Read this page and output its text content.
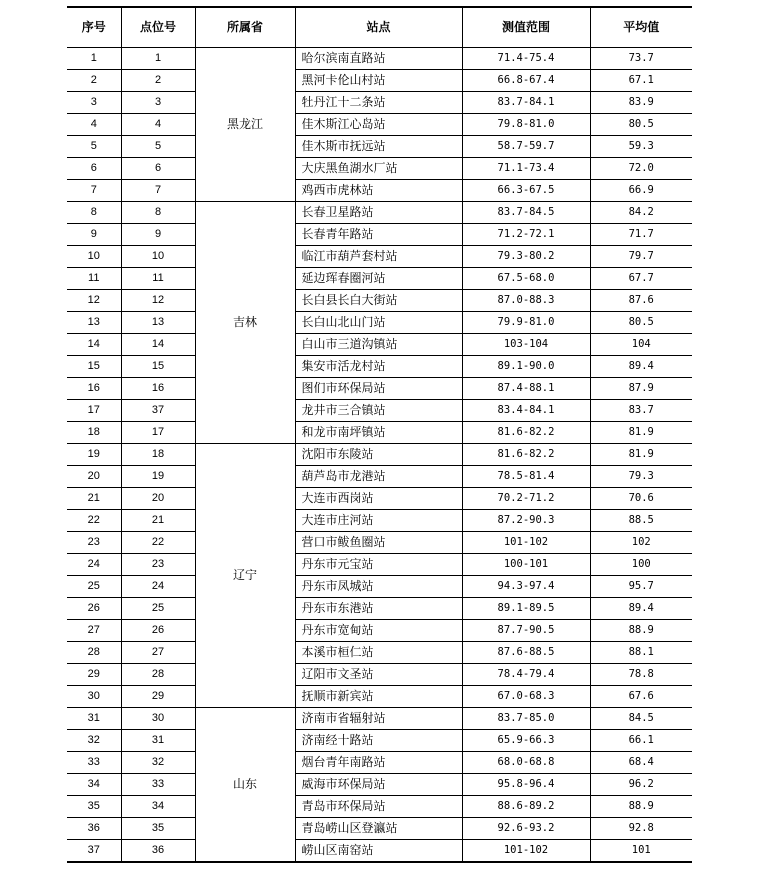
序号	点位号	所属省	站点	测值范围	平均值
1	1	黑龙江	哈尔滨南直路站	71.4-75.4	73.7
2	2		黑河卡伦山村站	66.8-67.4	67.1
3	3		牡丹江十二条站	83.7-84.1	83.9
4	4		佳木斯江心岛站	79.8-81.0	80.5
5	5		佳木斯市抚远站	58.7-59.7	59.3
6	6		大庆黑鱼湖水厂站	71.1-73.4	72.0
7	7		鸡西市虎林站	66.3-67.5	66.9
8	8	吉林	长春卫星路站	83.7-84.5	84.2
9	9		长春青年路站	71.2-72.1	71.7
10	10		临江市葫芦套村站	79.3-80.2	79.7
11	11		延边珲春圈河站	67.5-68.0	67.7
12	12		长白县长白大街站	87.0-88.3	87.6
13	13		长白山北山门站	79.9-81.0	80.5
14	14		白山市三道沟镇站	103-104	104
15	15		集安市活龙村站	89.1-90.0	89.4
16	16		图们市环保局站	87.4-88.1	87.9
17	37		龙井市三合镇站	83.4-84.1	83.7
18	17		和龙市南坪镇站	81.6-82.2	81.9
19	18	辽宁	沈阳市东陵站	81.6-82.2	81.9
20	19		葫芦岛市龙港站	78.5-81.4	79.3
21	20		大连市西岗站	70.2-71.2	70.6
22	21		大连市庄河站	87.2-90.3	88.5
23	22		营口市鲅鱼圈站	101-102	102
24	23		丹东市元宝站	100-101	100
25	24		丹东市凤城站	94.3-97.4	95.7
26	25		丹东市东港站	89.1-89.5	89.4
27	26		丹东市宽甸站	87.7-90.5	88.9
28	27		本溪市桓仁站	87.6-88.5	88.1
29	28		辽阳市文圣站	78.4-79.4	78.8
30	29		抚顺市新宾站	67.0-68.3	67.6
31	30	山东	济南市省辐射站	83.7-85.0	84.5
32	31		济南经十路站	65.9-66.3	66.1
33	32		烟台青年南路站	68.0-68.8	68.4
34	33		威海市环保局站	95.8-96.4	96.2
35	34		青岛市环保局站	88.6-89.2	88.9
36	35		青岛崂山区登瀛站	92.6-93.2	92.8
37	36		崂山区南窑站	101-102	101
